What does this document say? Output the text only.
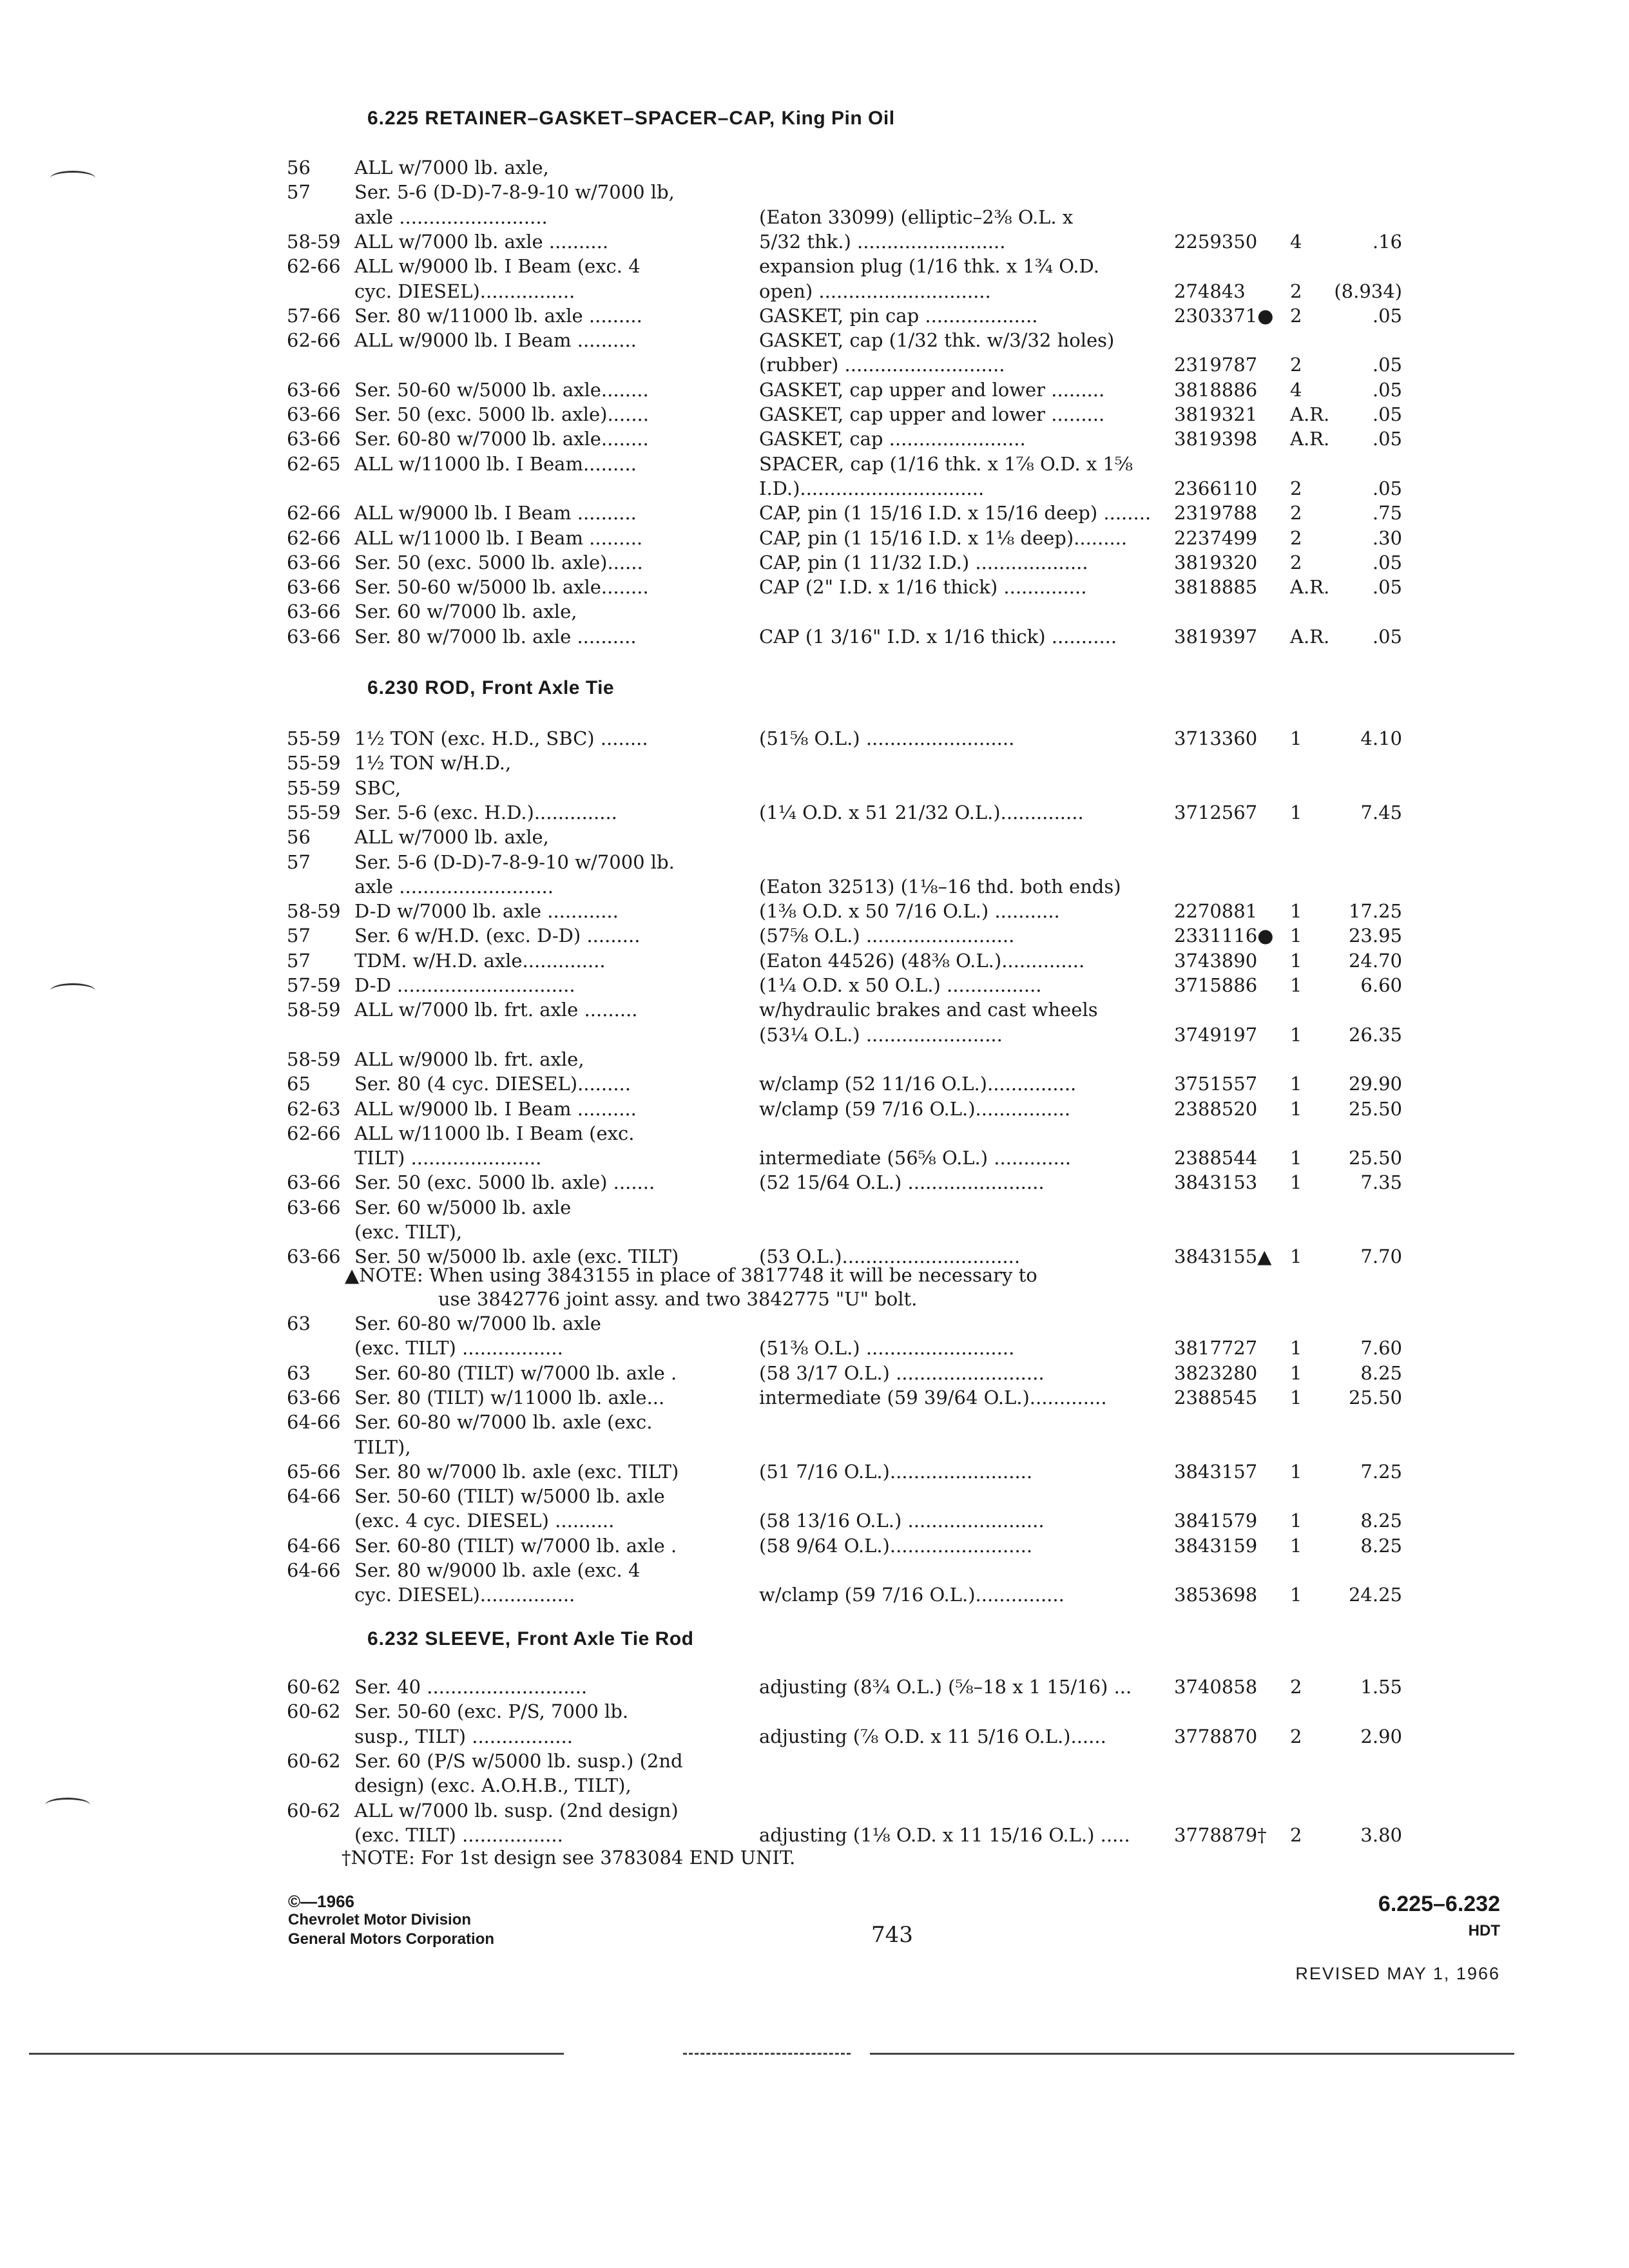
6.225 RETAINER–GASKET–SPACER–CAP, King Pin Oil
6.230 ROD, Front Axle Tie
6.232 SLEEVE, Front Axle Tie Rod
56 ALL w/7000 lb. axle,
57 Ser. 5-6 (D-D)-7-8-9-10 w/7000 lb,
axle .........................	(Eaton 33099) (elliptic–2⅜ O.L. x
58-59 ALL w/7000 lb. axle ..........	5/32 thk.) .........................	2259350 4	.16
62-66 ALL w/9000 lb. I Beam (exc. 4	expansion plug (1/16 thk. x 1¾ O.D.
cyc. DIESEL)................	open) .............................	274843 2 (8.934)
57-66 Ser. 80 w/11000 lb. axle .........	GASKET, pin cap ...................	2303371● 2	.05
62-66 ALL w/9000 lb. I Beam ..........	GASKET, cap (1/32 thk. w/3/32 holes)
(rubber) ...........................	2319787 2	.05
63-66 Ser. 50-60 w/5000 lb. axle........	GASKET, cap upper and lower .........	3818886 4	.05
63-66 Ser. 50 (exc. 5000 lb. axle).......	GASKET, cap upper and lower .........	3819321 A.R. .05
63-66 Ser. 60-80 w/7000 lb. axle........	GASKET, cap .......................	3819398 A.R. .05
62-65 ALL w/11000 lb. I Beam.........	SPACER, cap (1/16 thk. x 1⅞ O.D. x 1⅝
I.D.)...............................	2366110 2	.05
62-66 ALL w/9000 lb. I Beam ..........	CAP, pin (1 15/16 I.D. x 15/16 deep) ........ 2319788 2	.75
62-66 ALL w/11000 lb. I Beam .........	CAP, pin (1 15/16 I.D. x 1⅛ deep).........	2237499 2	.30
63-66 Ser. 50 (exc. 5000 lb. axle)......	CAP, pin (1 11/32 I.D.) ...................	3819320 2	.05
63-66 Ser. 50-60 w/5000 lb. axle........	CAP (2" I.D. x 1/16 thick) ..............	3818885 A.R. .05
63-66 Ser. 60 w/7000 lb. axle,
63-66 Ser. 80 w/7000 lb. axle ..........	CAP (1 3/16" I.D. x 1/16 thick) ...........	3819397 A.R. .05
55-59 1½ TON (exc. H.D., SBC) ........	(51⅝ O.L.) .........................	3713360 1	4.10
55-59 1½ TON w/H.D.,
55-59 SBC,
55-59 Ser. 5-6 (exc. H.D.)..............	(1¼ O.D. x 51 21/32 O.L.)..............	3712567 1	7.45
56 ALL w/7000 lb. axle,
57 Ser. 5-6 (D-D)-7-8-9-10 w/7000 lb.
axle ..........................	(Eaton 32513) (1⅛–16 thd. both ends)
58-59 D-D w/7000 lb. axle ............	(1⅜ O.D. x 50 7/16 O.L.) ...........	2270881 1	17.25
57 Ser. 6 w/H.D. (exc. D-D) .........	(57⅝ O.L.) .........................	2331116● 1	23.95
57 TDM. w/H.D. axle..............	(Eaton 44526) (48⅜ O.L.)..............	3743890 1	24.70
57-59 D-D ..............................	(1¼ O.D. x 50 O.L.) ................	3715886 1	6.60
58-59 ALL w/7000 lb. frt. axle .........	w/hydraulic brakes and cast wheels
(53¼ O.L.) .......................	3749197 1	26.35
58-59 ALL w/9000 lb. frt. axle,
65 Ser. 80 (4 cyc. DIESEL).........	w/clamp (52 11/16 O.L.)...............	3751557 1	29.90
62-63 ALL w/9000 lb. I Beam ..........	w/clamp (59 7/16 O.L.)................	2388520 1	25.50
62-66 ALL w/11000 lb. I Beam (exc.
TILT) ......................	intermediate (56⅝ O.L.) .............	2388544 1	25.50
63-66 Ser. 50 (exc. 5000 lb. axle) .......	(52 15/64 O.L.) .......................	3843153 1	7.35
63-66 Ser. 60 w/5000 lb. axle
(exc. TILT),
63-66 Ser. 50 w/5000 lb. axle (exc. TILT)	(53 O.L.)..............................	3843155▲ 1	7.70
63 Ser. 60-80 w/7000 lb. axle
(exc. TILT) .................	(51⅜ O.L.) .........................	3817727 1	7.60
63 Ser. 60-80 (TILT) w/7000 lb. axle .	(58 3/17 O.L.) .........................	3823280 1	8.25
63-66 Ser. 80 (TILT) w/11000 lb. axle...	intermediate (59 39/64 O.L.).............	2388545 1	25.50
64-66 Ser. 60-80 w/7000 lb. axle (exc.
TILT),
65-66 Ser. 80 w/7000 lb. axle (exc. TILT)	(51 7/16 O.L.)........................	3843157 1	7.25
64-66 Ser. 50-60 (TILT) w/5000 lb. axle
(exc. 4 cyc. DIESEL) ..........	(58 13/16 O.L.) .......................	3841579 1	8.25
64-66 Ser. 60-80 (TILT) w/7000 lb. axle .	(58 9/64 O.L.)........................	3843159 1	8.25
64-66 Ser. 80 w/9000 lb. axle (exc. 4
cyc. DIESEL)................	w/clamp (59 7/16 O.L.)...............	3853698 1	24.25
60-62 Ser. 40 ...........................	adjusting (8¾ O.L.) (⅝–18 x 1 15/16) ... 3740858 2	1.55
60-62 Ser. 50-60 (exc. P/S, 7000 lb.
susp., TILT) .................	adjusting (⅞ O.D. x 11 5/16 O.L.)......	3778870 2	2.90
60-62 Ser. 60 (P/S w/5000 lb. susp.) (2nd
design) (exc. A.O.H.B., TILT),
60-62 ALL w/7000 lb. susp. (2nd design)
(exc. TILT) .................	adjusting (1⅛ O.D. x 11 15/16 O.L.) ..... 3778879† 2	3.80
▲NOTE: When using 3843155 in place of 3817748 it will be necessary to
use 3842776 joint assy. and two 3842775 "U" bolt.
†NOTE: For 1st design see 3783084 END UNIT.
©—1966
Chevrolet Motor Division
General Motors Corporation	743
6.225–6.232
HDT
REVISED MAY 1, 1966
